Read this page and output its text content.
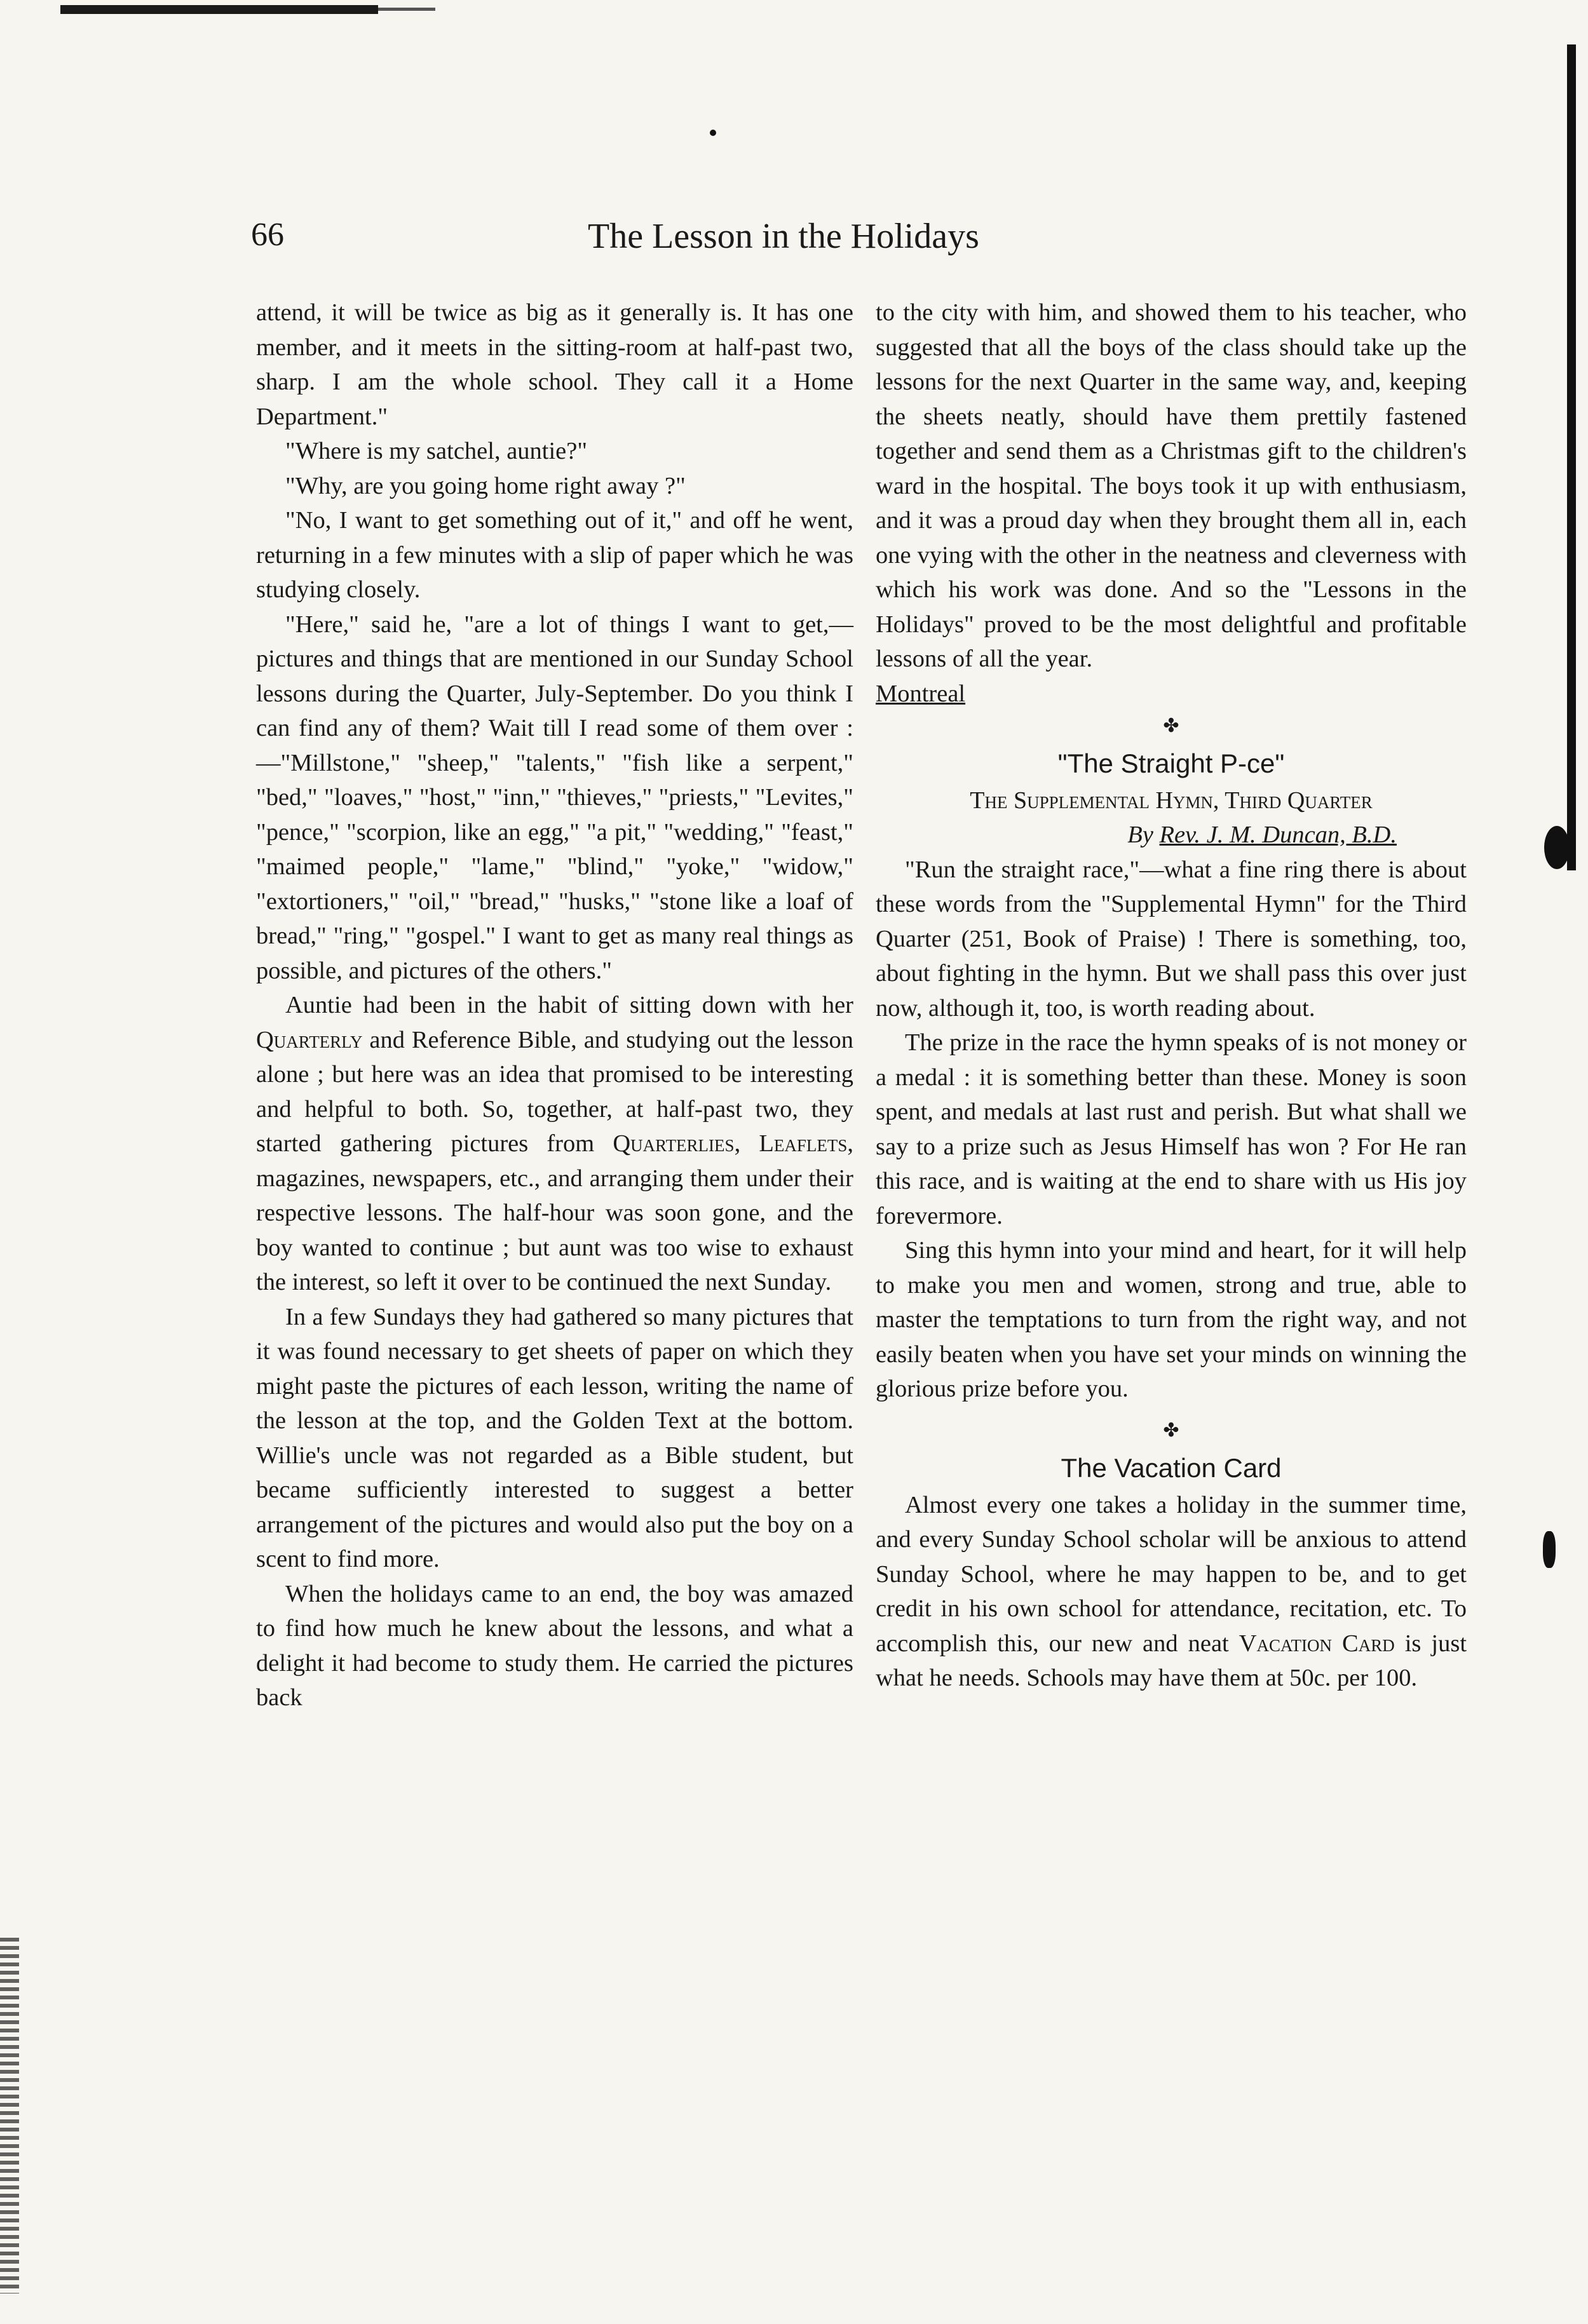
66	The Lesson in the Holidays

attend, it will be twice as big as it generally is. It has one member, and it meets in the sitting-room at half-past two, sharp. I am the whole school. They call it a Home Department."

"Where is my satchel, auntie?"

"Why, are you going home right away ?"

"No, I want to get something out of it," and off he went, returning in a few minutes with a slip of paper which he was studying closely.

"Here," said he, "are a lot of things I want to get,—pictures and things that are mentioned in our Sunday School lessons during the Quarter, July-September. Do you think I can find any of them? Wait till I read some of them over : —"Millstone," "sheep," "talents," "fish like a serpent," "bed," "loaves," "host," "inn," "thieves," "priests," "Levites," "pence," "scorpion, like an egg," "a pit," "wedding," "feast," "maimed people," "lame," "blind," "yoke," "widow," "extortioners," "oil," "bread," "husks," "stone like a loaf of bread," "ring," "gospel." I want to get as many real things as possible, and pictures of the others."

Auntie had been in the habit of sitting down with her Quarterly and Reference Bible, and studying out the lesson alone ; but here was an idea that promised to be interesting and helpful to both. So, together, at half-past two, they started gathering pictures from Quarterlies, Leaflets, magazines, newspapers, etc., and arranging them under their respective lessons. The half-hour was soon gone, and the boy wanted to continue ; but aunt was too wise to exhaust the interest, so left it over to be continued the next Sunday.

In a few Sundays they had gathered so many pictures that it was found necessary to get sheets of paper on which they might paste the pictures of each lesson, writing the name of the lesson at the top, and the Golden Text at the bottom. Willie's uncle was not regarded as a Bible student, but became sufficiently interested to suggest a better arrangement of the pictures and would also put the boy on a scent to find more.

When the holidays came to an end, the boy was amazed to find how much he knew about the lessons, and what a delight it had become to study them. He carried the pictures back

to the city with him, and showed them to his teacher, who suggested that all the boys of the class should take up the lessons for the next Quarter in the same way, and, keeping the sheets neatly, should have them prettily fastened together and send them as a Christmas gift to the children's ward in the hospital. The boys took it up with enthusiasm, and it was a proud day when they brought them all in, each one vying with the other in the neatness and cleverness with which his work was done. And so the "Lessons in the Holidays" proved to be the most delightful and profitable lessons of all the year.

Montreal

✤
"The Straight P-ce"
The Supplemental Hymn, Third Quarter
By Rev. J. M. Duncan, B.D.

"Run the straight race,"—what a fine ring there is about these words from the "Supplemental Hymn" for the Third Quarter (251, Book of Praise) ! There is something, too, about fighting in the hymn. But we shall pass this over just now, although it, too, is worth reading about.

The prize in the race the hymn speaks of is not money or a medal : it is something better than these. Money is soon spent, and medals at last rust and perish. But what shall we say to a prize such as Jesus Himself has won ? For He ran this race, and is waiting at the end to share with us His joy forevermore.

Sing this hymn into your mind and heart, for it will help to make you men and women, strong and true, able to master the temptations to turn from the right way, and not easily beaten when you have set your minds on winning the glorious prize before you.

✤
The Vacation Card

Almost every one takes a holiday in the summer time, and every Sunday School scholar will be anxious to attend Sunday School, where he may happen to be, and to get credit in his own school for attendance, recitation, etc. To accomplish this, our new and neat Vacation Card is just what he needs. Schools may have them at 50c. per 100.
